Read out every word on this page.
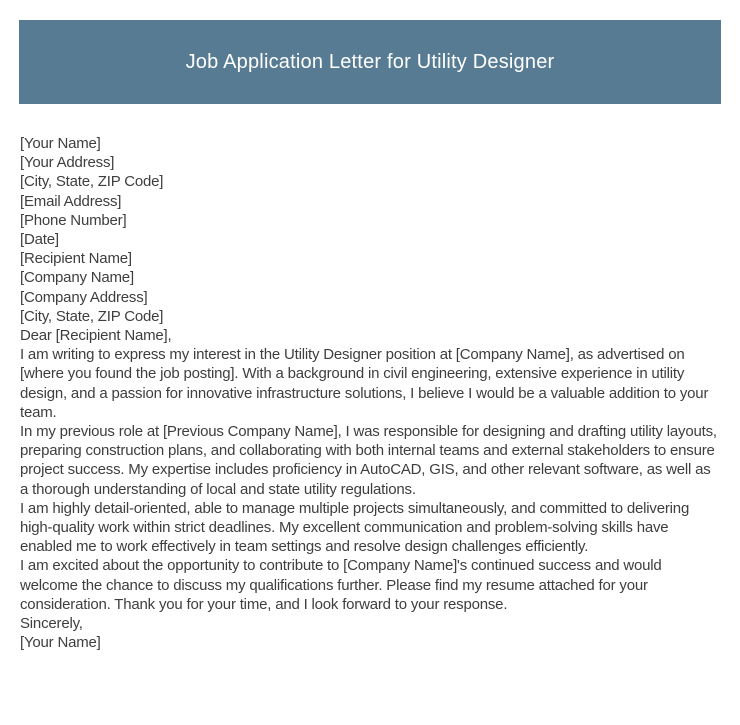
Job Application Letter for Utility Designer
[Your Name]
[Your Address]
[City, State, ZIP Code]
[Email Address]
[Phone Number]
[Date]
[Recipient Name]
[Company Name]
[Company Address]
[City, State, ZIP Code]
Dear [Recipient Name],
I am writing to express my interest in the Utility Designer position at [Company Name], as advertised on [where you found the job posting]. With a background in civil engineering, extensive experience in utility design, and a passion for innovative infrastructure solutions, I believe I would be a valuable addition to your team.
In my previous role at [Previous Company Name], I was responsible for designing and drafting utility layouts, preparing construction plans, and collaborating with both internal teams and external stakeholders to ensure project success. My expertise includes proficiency in AutoCAD, GIS, and other relevant software, as well as a thorough understanding of local and state utility regulations.
I am highly detail-oriented, able to manage multiple projects simultaneously, and committed to delivering high-quality work within strict deadlines. My excellent communication and problem-solving skills have enabled me to work effectively in team settings and resolve design challenges efficiently.
I am excited about the opportunity to contribute to [Company Name]'s continued success and would welcome the chance to discuss my qualifications further. Please find my resume attached for your consideration. Thank you for your time, and I look forward to your response.
Sincerely,
[Your Name]
